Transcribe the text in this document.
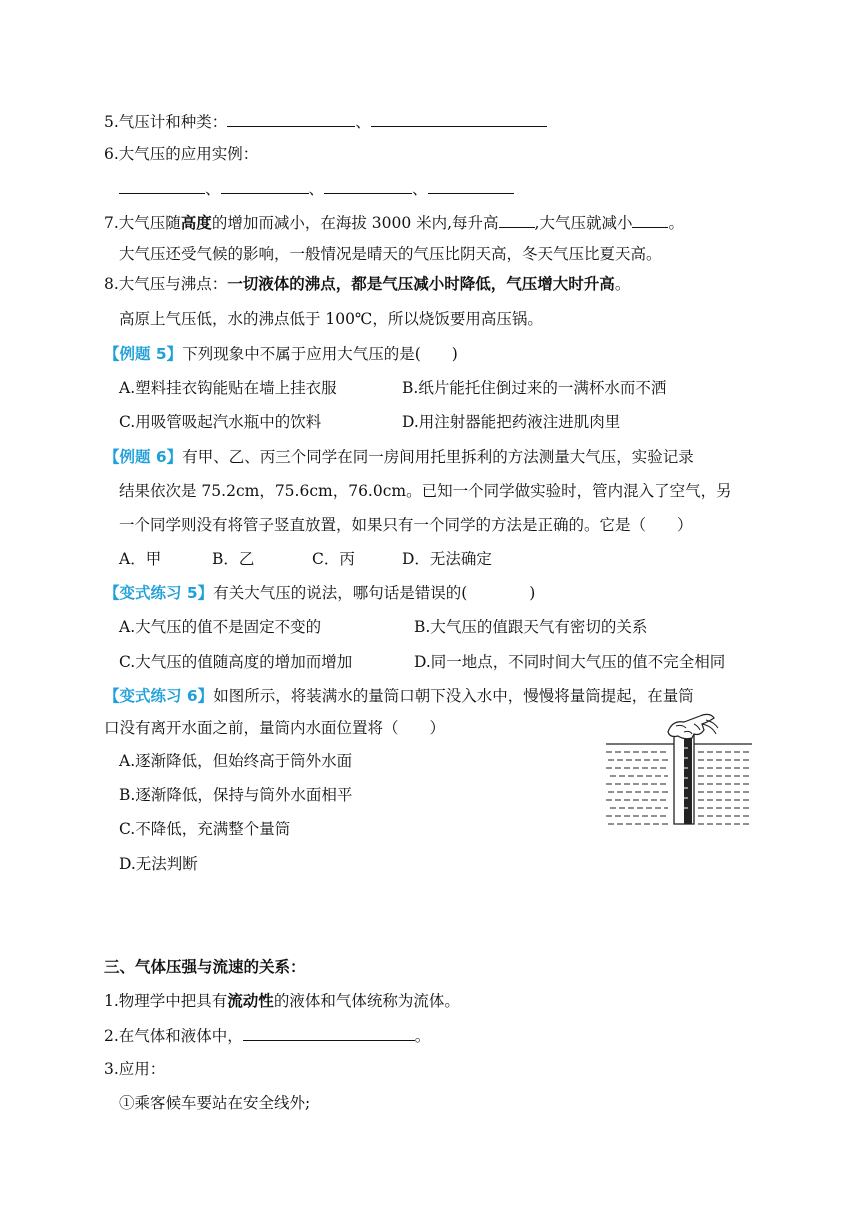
5.气压计和种类：	、
6.大气压的应用实例：
、	、	、
7.大气压随高度的增加而减小，在海拔 3000 米内,每升高 ,大气压就减小 。
大气压还受气候的影响，一般情况是晴天的气压比阴天高，冬天气压比夏天高。
8.大气压与沸点：一切液体的沸点，都是气压减小时降低，气压增大时升高。
高原上气压低，水的沸点低于 100℃，所以烧饭要用高压锅。
【例题 5】下列现象中不属于应用大气压的是(　　)
A.塑料挂衣钩能贴在墙上挂衣服	B.纸片能托住倒过来的一满杯水而不洒
C.用吸管吸起汽水瓶中的饮料	D.用注射器能把药液注进肌肉里
【例题 6】有甲、乙、丙三个同学在同一房间用托里拆利的方法测量大气压，实验记录
结果依次是 75.2cm，75.6cm，76.0cm。已知一个同学做实验时，管内混入了空气，另
一个同学则没有将管子竖直放置，如果只有一个同学的方法是正确的。它是（　　）
A．甲	B．乙	C．丙	D．无法确定
【变式练习 5】有关大气压的说法，哪句话是错误的(　　　　)
A.大气压的值不是固定不变的	B.大气压的值跟天气有密切的关系
C.大气压的值随高度的增加而增加	D.同一地点，不同时间大气压的值不完全相同
【变式练习 6】如图所示，将装满水的量筒口朝下没入水中，慢慢将量筒提起，在量筒
口没有离开水面之前，量筒内水面位置将（　　）
A.逐渐降低，但始终高于筒外水面
B.逐渐降低，保持与筒外水面相平
C.不降低，充满整个量筒
D.无法判断
三、气体压强与流速的关系：
1.物理学中把具有流动性的液体和气体统称为流体。
2.在气体和液体中，	。
3.应用：
①乘客候车要站在安全线外;
